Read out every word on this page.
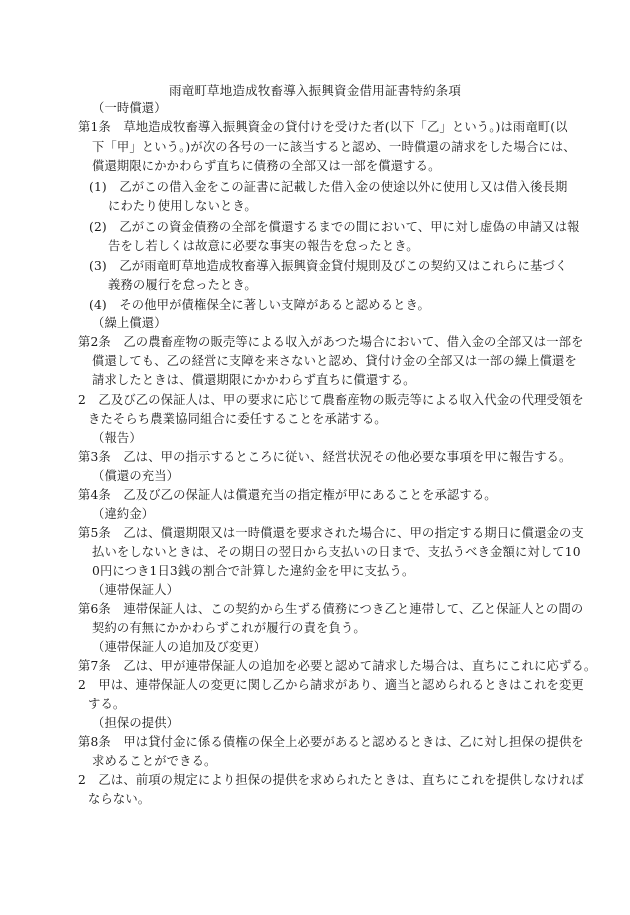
雨竜町草地造成牧畜導入振興資金借用証書特約条項
（一時償還）
第1条　草地造成牧畜導入振興資金の貸付けを受けた者(以下「乙」という。)は雨竜町(以
下「甲」という。)が次の各号の一に該当すると認め、一時償還の請求をした場合には、
償還期限にかかわらず直ちに債務の全部又は一部を償還する。
(1)　乙がこの借入金をこの証書に記載した借入金の使途以外に使用し又は借入後長期
にわたり使用しないとき。
(2)　乙がこの資金債務の全部を償還するまでの間において、甲に対し虚偽の申請又は報
告をし若しくは故意に必要な事実の報告を怠ったとき。
(3)　乙が雨竜町草地造成牧畜導入振興資金貸付規則及びこの契約又はこれらに基づく
義務の履行を怠ったとき。
(4)　その他甲が債権保全に著しい支障があると認めるとき。
（繰上償還）
第2条　乙の農畜産物の販売等による収入があつた場合において、借入金の全部又は一部を
償還しても、乙の経営に支障を来さないと認め、貸付け金の全部又は一部の繰上償還を
請求したときは、償還期限にかかわらず直ちに償還する。
2　乙及び乙の保証人は、甲の要求に応じて農畜産物の販売等による収入代金の代理受領を
きたそらち農業協同組合に委任することを承諾する。
（報告）
第3条　乙は、甲の指示するところに従い、経営状況その他必要な事項を甲に報告する。
（償還の充当）
第4条　乙及び乙の保証人は償還充当の指定権が甲にあることを承認する。
（違約金）
第5条　乙は、償還期限又は一時償還を要求された場合に、甲の指定する期日に償還金の支
払いをしないときは、その期日の翌日から支払いの日まで、支払うべき金額に対して10
0円につき1日3銭の割合で計算した違約金を甲に支払う。
（連帯保証人）
第6条　連帯保証人は、この契約から生ずる債務につき乙と連帯して、乙と保証人との間の
契約の有無にかかわらずこれが履行の責を負う。
（連帯保証人の追加及び変更）
第7条　乙は、甲が連帯保証人の追加を必要と認めて請求した場合は、直ちにこれに応ずる。
2　甲は、連帯保証人の変更に関し乙から請求があり、適当と認められるときはこれを変更
する。
（担保の提供）
第8条　甲は貸付金に係る債権の保全上必要があると認めるときは、乙に対し担保の提供を
求めることができる。
2　乙は、前項の規定により担保の提供を求められたときは、直ちにこれを提供しなければ
ならない。
